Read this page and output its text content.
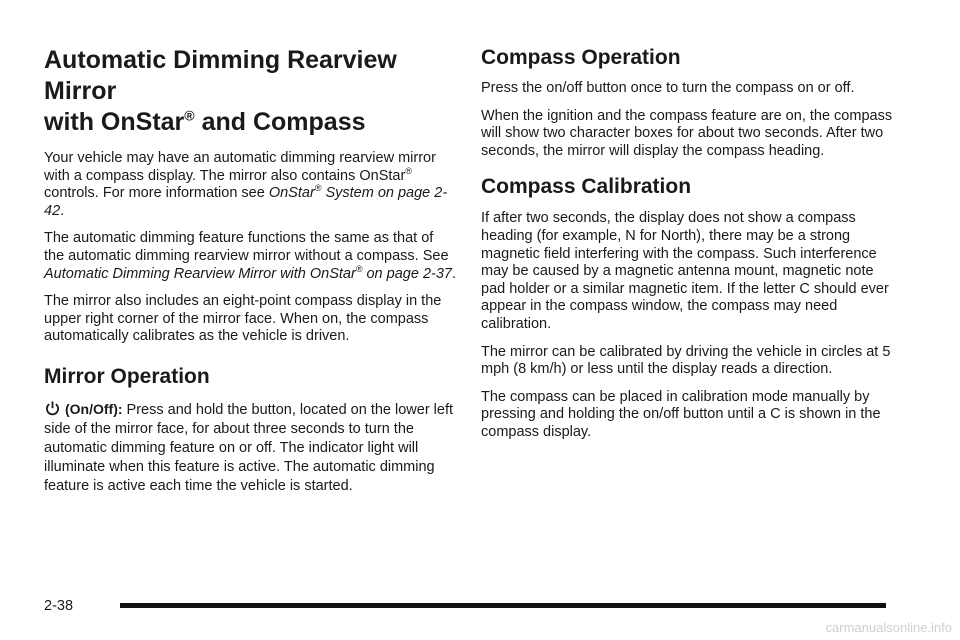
Automatic Dimming Rearview Mirror
with OnStar® and Compass

Your vehicle may have an automatic dimming rearview mirror with a compass display. The mirror also contains OnStar® controls. For more information see OnStar® System on page 2-42.

The automatic dimming feature functions the same as that of the automatic dimming rearview mirror without a compass. See Automatic Dimming Rearview Mirror with OnStar® on page 2-37.

The mirror also includes an eight-point compass display in the upper right corner of the mirror face. When on, the compass automatically calibrates as the vehicle is driven.

Mirror Operation

(On/Off): Press and hold the button, located on the lower left side of the mirror face, for about three seconds to turn the automatic dimming feature on or off. The indicator light will illuminate when this feature is active. The automatic dimming feature is active each time the vehicle is started.

Compass Operation

Press the on/off button once to turn the compass on or off.

When the ignition and the compass feature are on, the compass will show two character boxes for about two seconds. After two seconds, the mirror will display the compass heading.

Compass Calibration

If after two seconds, the display does not show a compass heading (for example, N for North), there may be a strong magnetic field interfering with the compass. Such interference may be caused by a magnetic antenna mount, magnetic note pad holder or a similar magnetic item. If the letter C should ever appear in the compass window, the compass may need calibration.

The mirror can be calibrated by driving the vehicle in circles at 5 mph (8 km/h) or less until the display reads a direction.

The compass can be placed in calibration mode manually by pressing and holding the on/off button until a C is shown in the compass display.

2-38
carmanualsonline.info
